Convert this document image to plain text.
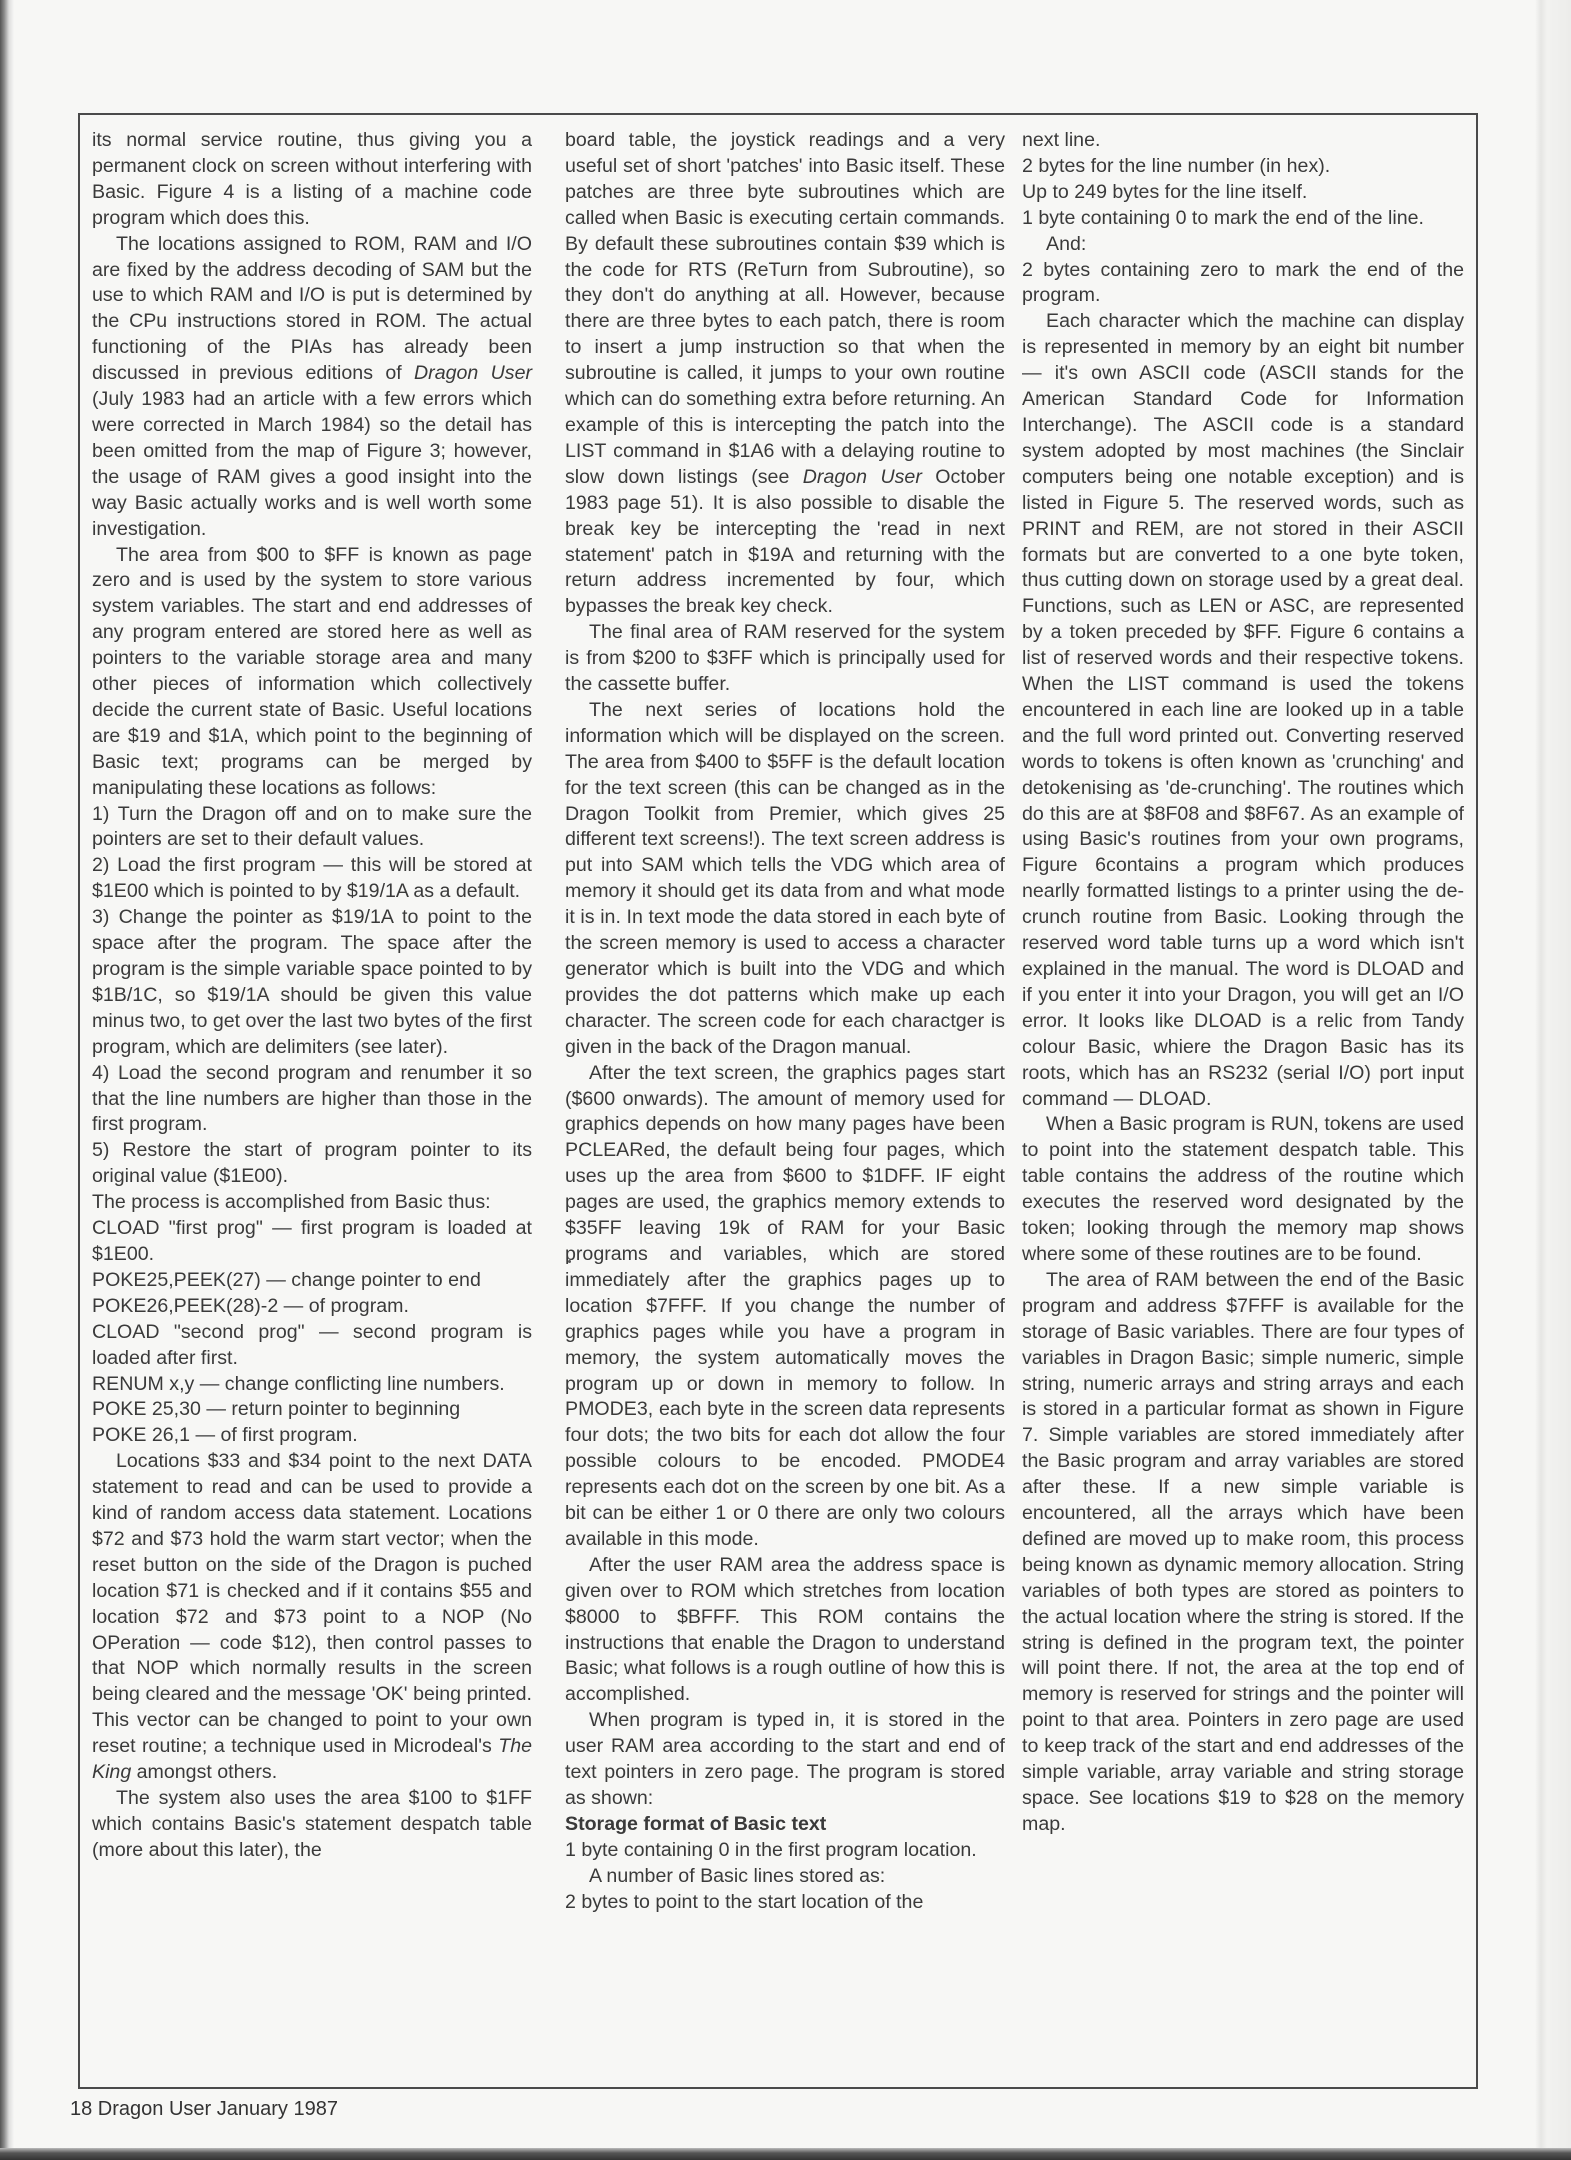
its normal service routine, thus giving you a permanent clock on screen without interfering with Basic. Figure 4 is a listing of a machine code program which does this.

The locations assigned to ROM, RAM and I/O are fixed by the address decoding of SAM but the use to which RAM and I/O is put is determined by the CPu instructions stored in ROM. The actual functioning of the PIAs has already been discussed in previous editions of Dragon User (July 1983 had an article with a few errors which were corrected in March 1984) so the detail has been omitted from the map of Figure 3; however, the usage of RAM gives a good insight into the way Basic actually works and is well worth some investigation.

The area from $00 to $FF is known as page zero and is used by the system to store various system variables. The start and end addresses of any program entered are stored here as well as pointers to the variable storage area and many other pieces of information which collectively decide the current state of Basic. Useful locations are $19 and $1A, which point to the beginning of Basic text; programs can be merged by manipulating these locations as follows:

1) Turn the Dragon off and on to make sure the pointers are set to their default values.

2) Load the first program — this will be stored at $1E00 which is pointed to by $19/1A as a default.

3) Change the pointer as $19/1A to point to the space after the program. The space after the program is the simple variable space pointed to by $1B/1C, so $19/1A should be given this value minus two, to get over the last two bytes of the first program, which are delimiters (see later).

4) Load the second program and renumber it so that the line numbers are higher than those in the first program.

5) Restore the start of program pointer to its original value ($1E00).

The process is accomplished from Basic thus:

CLOAD "first prog" — first program is loaded at $1E00.

POKE25,PEEK(27) — change pointer to end

POKE26,PEEK(28)-2 — of program.

CLOAD "second prog" — second program is loaded after first.

RENUM x,y — change conflicting line numbers.

POKE 25,30 — return pointer to beginning

POKE 26,1 — of first program.

Locations $33 and $34 point to the next DATA statement to read and can be used to provide a kind of random access data statement. Locations $72 and $73 hold the warm start vector; when the reset button on the side of the Dragon is puched location $71 is checked and if it contains $55 and location $72 and $73 point to a NOP (No OPeration — code $12), then control passes to that NOP which normally results in the screen being cleared and the message 'OK' being printed. This vector can be changed to point to your own reset routine; a technique used in Microdeal's The King amongst others.

The system also uses the area $100 to $1FF which contains Basic's statement despatch table (more about this later), the

board table, the joystick readings and a very useful set of short 'patches' into Basic itself. These patches are three byte subroutines which are called when Basic is executing certain commands. By default these subroutines contain $39 which is the code for RTS (ReTurn from Subroutine), so they don't do anything at all. However, because there are three bytes to each patch, there is room to insert a jump instruction so that when the subroutine is called, it jumps to your own routine which can do something extra before returning. An example of this is intercepting the patch into the LIST command in $1A6 with a delaying routine to slow down listings (see Dragon User October 1983 page 51). It is also possible to disable the break key be intercepting the 'read in next statement' patch in $19A and returning with the return address incremented by four, which bypasses the break key check.

The final area of RAM reserved for the system is from $200 to $3FF which is principally used for the cassette buffer.

The next series of locations hold the information which will be displayed on the screen. The area from $400 to $5FF is the default location for the text screen (this can be changed as in the Dragon Toolkit from Premier, which gives 25 different text screens!). The text screen address is put into SAM which tells the VDG which area of memory it should get its data from and what mode it is in. In text mode the data stored in each byte of the screen memory is used to access a character generator which is built into the VDG and which provides the dot patterns which make up each character. The screen code for each charactger is given in the back of the Dragon manual.

After the text screen, the graphics pages start ($600 onwards). The amount of memory used for graphics depends on how many pages have been PCLEARed, the default being four pages, which uses up the area from $600 to $1DFF. IF eight pages are used, the graphics memory extends to $35FF leaving 19k of RAM for your Basic programs and variables, which are stored immediately after the graphics pages up to location $7FFF. If you change the number of graphics pages while you have a program in memory, the system automatically moves the program up or down in memory to follow. In PMODE3, each byte in the screen data represents four dots; the two bits for each dot allow the four possible colours to be encoded. PMODE4 represents each dot on the screen by one bit. As a bit can be either 1 or 0 there are only two colours available in this mode.

After the user RAM area the address space is given over to ROM which stretches from location $8000 to $BFFF. This ROM contains the instructions that enable the Dragon to understand Basic; what follows is a rough outline of how this is accomplished.

When program is typed in, it is stored in the user RAM area according to the start and end of text pointers in zero page. The program is stored as shown:

Storage format of Basic text

1 byte containing 0 in the first program location.

A number of Basic lines stored as:

2 bytes to point to the start location of the

next line.

2 bytes for the line number (in hex).

Up to 249 bytes for the line itself.

1 byte containing 0 to mark the end of the line.

And:

2 bytes containing zero to mark the end of the program.

Each character which the machine can display is represented in memory by an eight bit number — it's own ASCII code (ASCII stands for the American Standard Code for Information Interchange). The ASCII code is a standard system adopted by most machines (the Sinclair computers being one notable exception) and is listed in Figure 5. The reserved words, such as PRINT and REM, are not stored in their ASCII formats but are converted to a one byte token, thus cutting down on storage used by a great deal. Functions, such as LEN or ASC, are represented by a token preceded by $FF. Figure 6 contains a list of reserved words and their respective tokens. When the LIST command is used the tokens encountered in each line are looked up in a table and the full word printed out. Converting reserved words to tokens is often known as 'crunching' and detokenising as 'de-crunching'. The routines which do this are at $8F08 and $8F67. As an example of using Basic's routines from your own programs, Figure 6contains a program which produces nearlly formatted listings to a printer using the de-crunch routine from Basic. Looking through the reserved word table turns up a word which isn't explained in the manual. The word is DLOAD and if you enter it into your Dragon, you will get an I/O error. It looks like DLOAD is a relic from Tandy colour Basic, whiere the Dragon Basic has its roots, which has an RS232 (serial I/O) port input command — DLOAD.

When a Basic program is RUN, tokens are used to point into the statement despatch table. This table contains the address of the routine which executes the reserved word designated by the token; looking through the memory map shows where some of these routines are to be found.

The area of RAM between the end of the Basic program and address $7FFF is available for the storage of Basic variables. There are four types of variables in Dragon Basic; simple numeric, simple string, numeric arrays and string arrays and each is stored in a particular format as shown in Figure 7. Simple variables are stored immediately after the Basic program and array variables are stored after these. If a new simple variable is encountered, all the arrays which have been defined are moved up to make room, this process being known as dynamic memory allocation. String variables of both types are stored as pointers to the actual location where the string is stored. If the string is defined in the program text, the pointer will point there. If not, the area at the top end of memory is reserved for strings and the pointer will point to that area. Pointers in zero page are used to keep track of the start and end addresses of the simple variable, array variable and string storage space. See locations $19 to $28 on the memory map.

18 Dragon User January 1987
